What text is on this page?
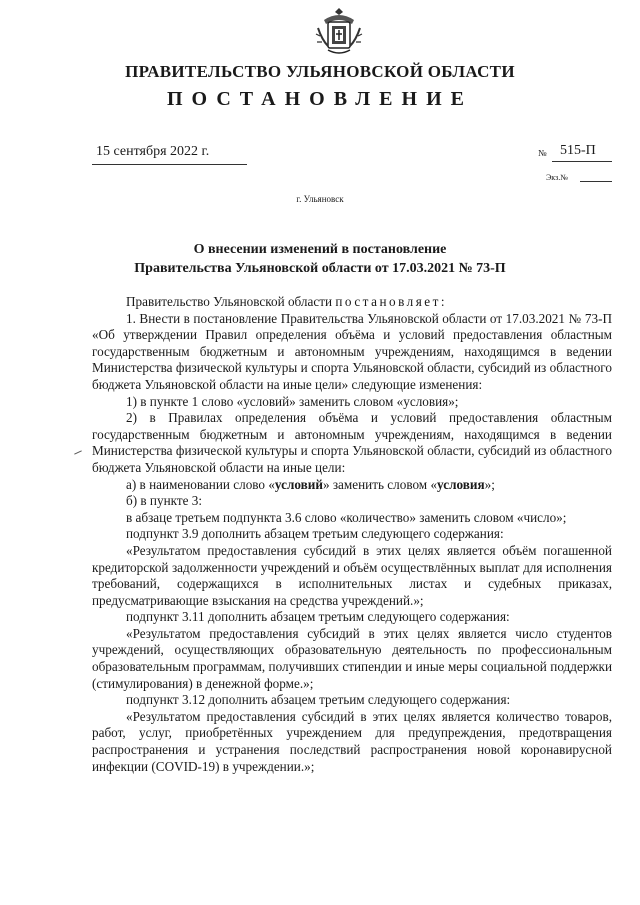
ПРАВИТЕЛЬСТВО УЛЬЯНОВСКОЙ ОБЛАСТИ
ПОСТАНОВЛЕНИЕ
15 сентября 2022 г.	№ 515-П
Экз.№
г. Ульяновск
О внесении изменений в постановление
Правительства Ульяновской области от 17.03.2021 № 73-П

Правительство Ульяновской области постановляет:

1. Внести в постановление Правительства Ульяновской области от 17.03.2021 № 73-П «Об утверждении Правил определения объёма и условий предоставления областным государственным бюджетным и автономным учреждениям, находящимся в ведении Министерства физической культуры и спорта Ульяновской области, субсидий из областного бюджета Ульяновской области на иные цели» следующие изменения:

1) в пункте 1 слово «условий» заменить словом «условия»;

2) в Правилах определения объёма и условий предоставления областным государственным бюджетным и автономным учреждениям, находящимся в ведении Министерства физической культуры и спорта Ульяновской области, субсидий из областного бюджета Ульяновской области на иные цели:

а) в наименовании слово «условий» заменить словом «условия»;

б) в пункте 3:

в абзаце третьем подпункта 3.6 слово «количество» заменить словом «число»;

подпункт 3.9 дополнить абзацем третьим следующего содержания:

«Результатом предоставления субсидий в этих целях является объём погашенной кредиторской задолженности учреждений и объём осуществлённых выплат для исполнения требований, содержащихся в исполнительных листах и судебных приказах, предусматривающие взыскания на средства учреждений.»;

подпункт 3.11 дополнить абзацем третьим следующего содержания:

«Результатом предоставления субсидий в этих целях является число студентов учреждений, осуществляющих образовательную деятельность по профессиональным образовательным программам, получивших стипендии и иные меры социальной поддержки (стимулирования) в денежной форме.»;

подпункт 3.12 дополнить абзацем третьим следующего содержания:

«Результатом предоставления субсидий в этих целях является количество товаров, работ, услуг, приобретённых учреждением для предупреждения, предотвращения распространения и устранения последствий распространения новой коронавирусной инфекции (COVID-19) в учреждении.»;
